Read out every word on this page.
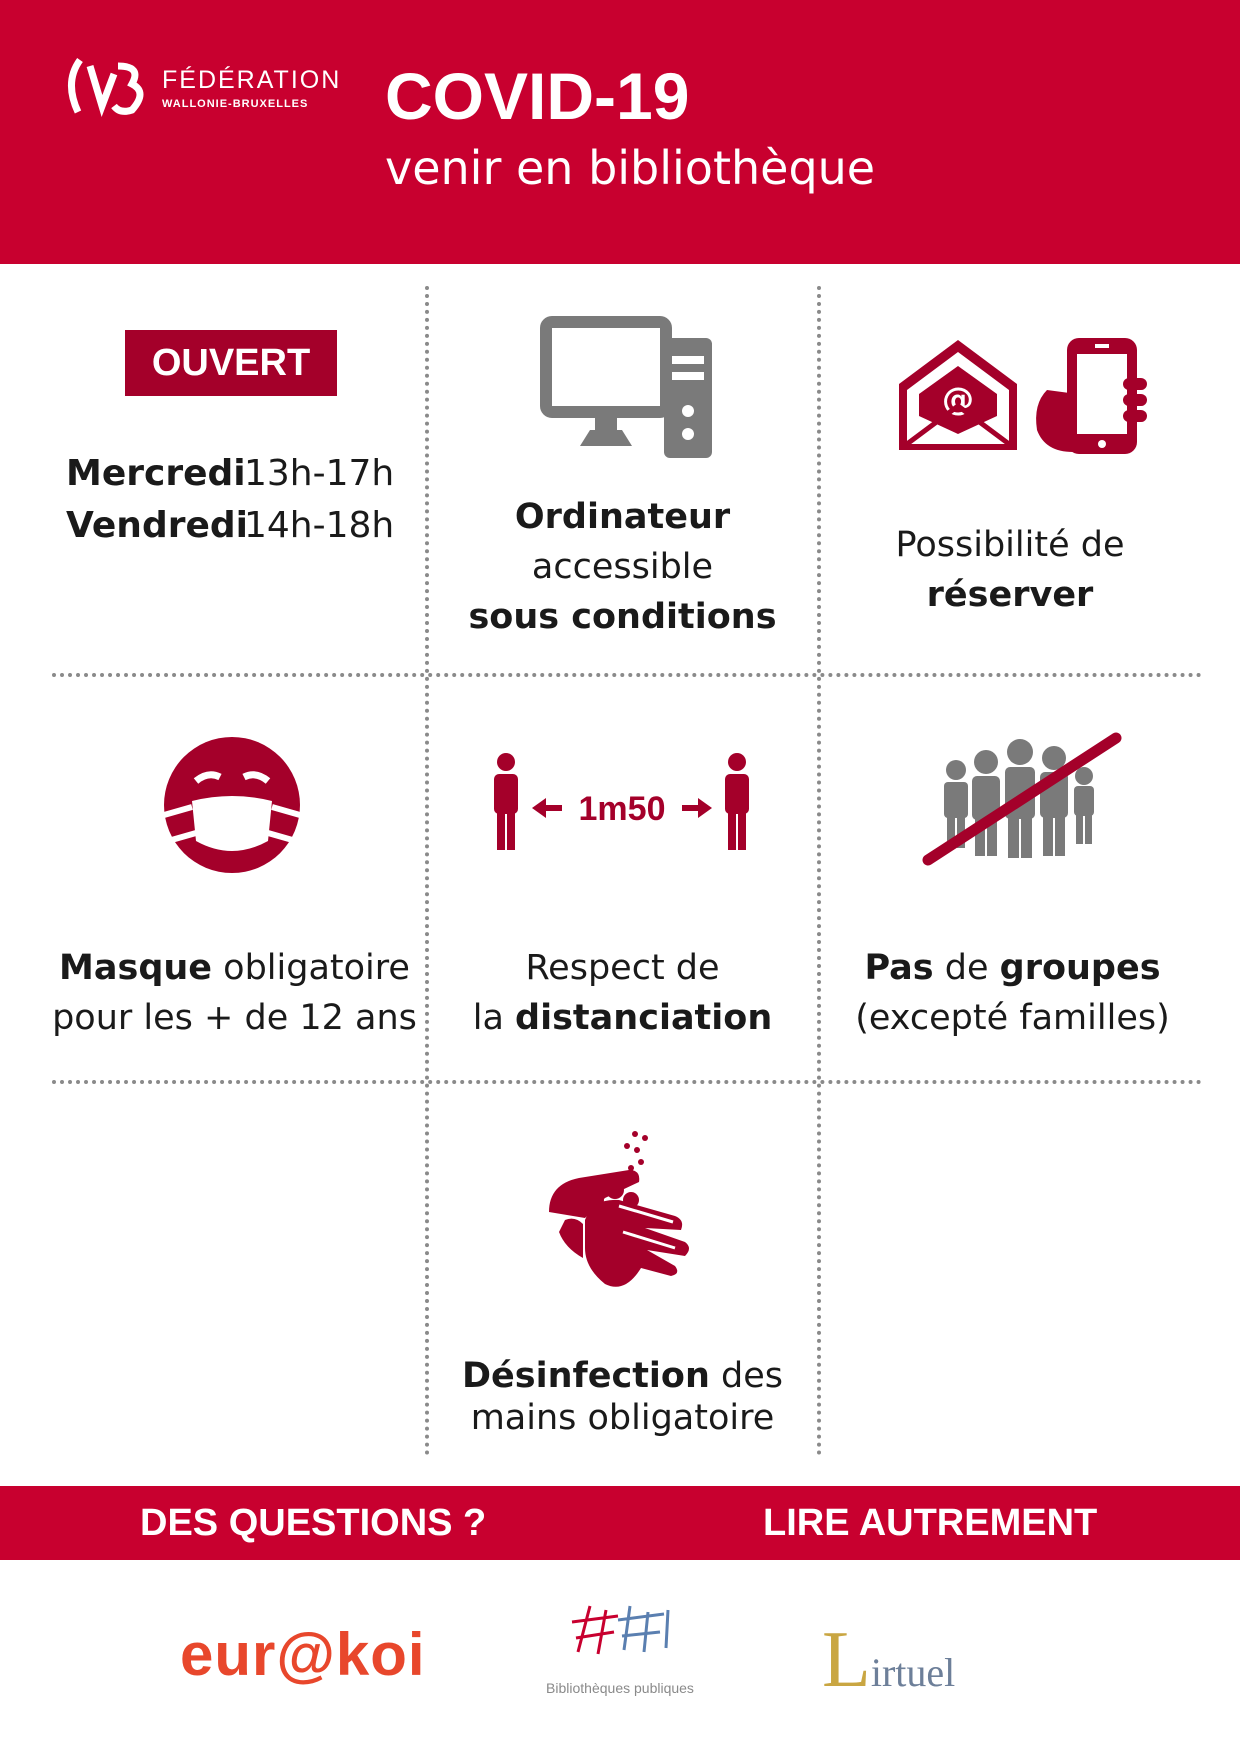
FÉDÉRATION
WALLONIE-BRUXELLES COVID-19
venir en bibliothèque
OUVERT
Mercredi
13h-17h
Vendredi
14h-18h	Ordinateur
accessible
sous conditions
@
Possibilité de
réserver
Masque obligatoire
pour les + de 12 ans
1m50
Respect de
la distanciation
Pas de groupes
(excepté familles)
Désinfection des
mains obligatoire
DES QUESTIONS ?	LIRE AUTREMENT
eur@koi	Bibliothèques publiques	Lirtuel
